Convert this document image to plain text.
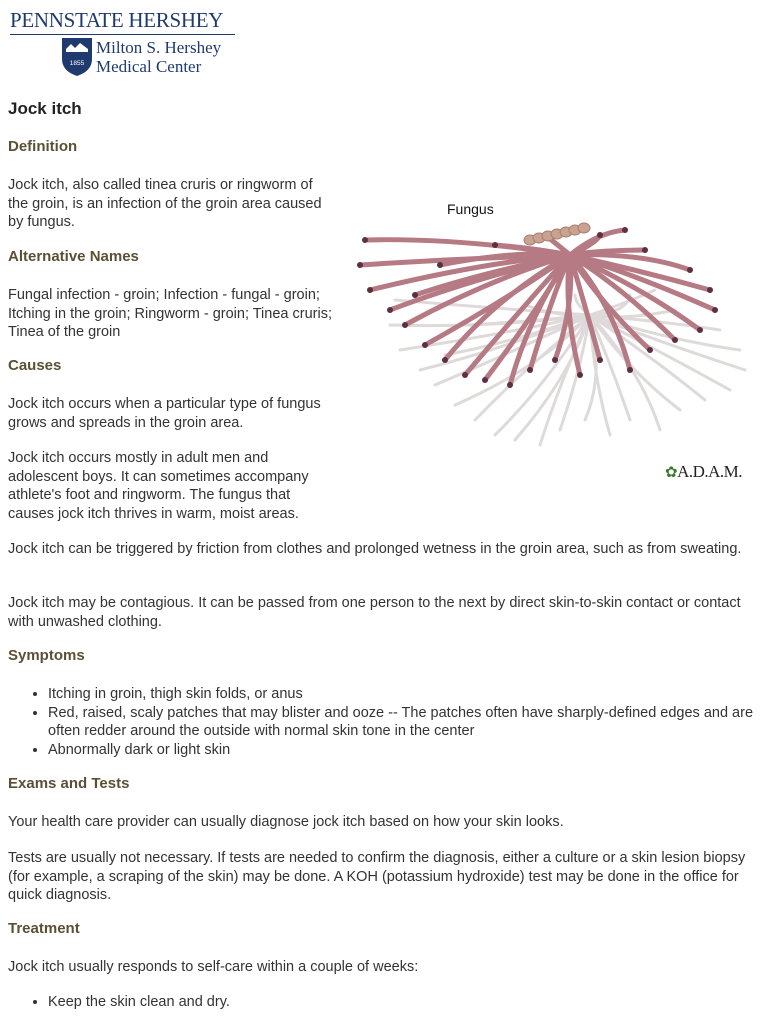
PENNSTATE HERSHEY
1855
Milton S. Hershey
Medical Center
Jock itch
Definition

Jock itch, also called tinea cruris or ringworm of the groin, is an infection of the groin area caused by fungus.

Alternative Names

Fungal infection - groin; Infection - fungal - groin; Itching in the groin; Ringworm - groin; Tinea cruris; Tinea of the groin

Causes

Jock itch occurs when a particular type of fungus grows and spreads in the groin area.

Jock itch occurs mostly in adult men and adolescent boys. It can sometimes accompany athlete's foot and ringworm. The fungus that causes jock itch thrives in warm, moist areas.

Jock itch can be triggered by friction from clothes and prolonged wetness in the groin area, such as from sweating.

Jock itch may be contagious. It can be passed from one person to the next by direct skin-to-skin contact or contact with unwashed clothing.

Symptoms
• Itching in groin, thigh skin folds, or anus
• Red, raised, scaly patches that may blister and ooze -- The patches often have sharply-defined edges and are often redder around the outside with normal skin tone in the center
• Abnormally dark or light skin
Exams and Tests

Your health care provider can usually diagnose jock itch based on how your skin looks.

Tests are usually not necessary. If tests are needed to confirm the diagnosis, either a culture or a skin lesion biopsy (for example, a scraping of the skin) may be done. A KOH (potassium hydroxide) test may be done in the office for quick diagnosis.

Treatment

Jock itch usually responds to self-care within a couple of weeks:

• Keep the skin clean and dry.
Fungus
✿A.D.A.M.
